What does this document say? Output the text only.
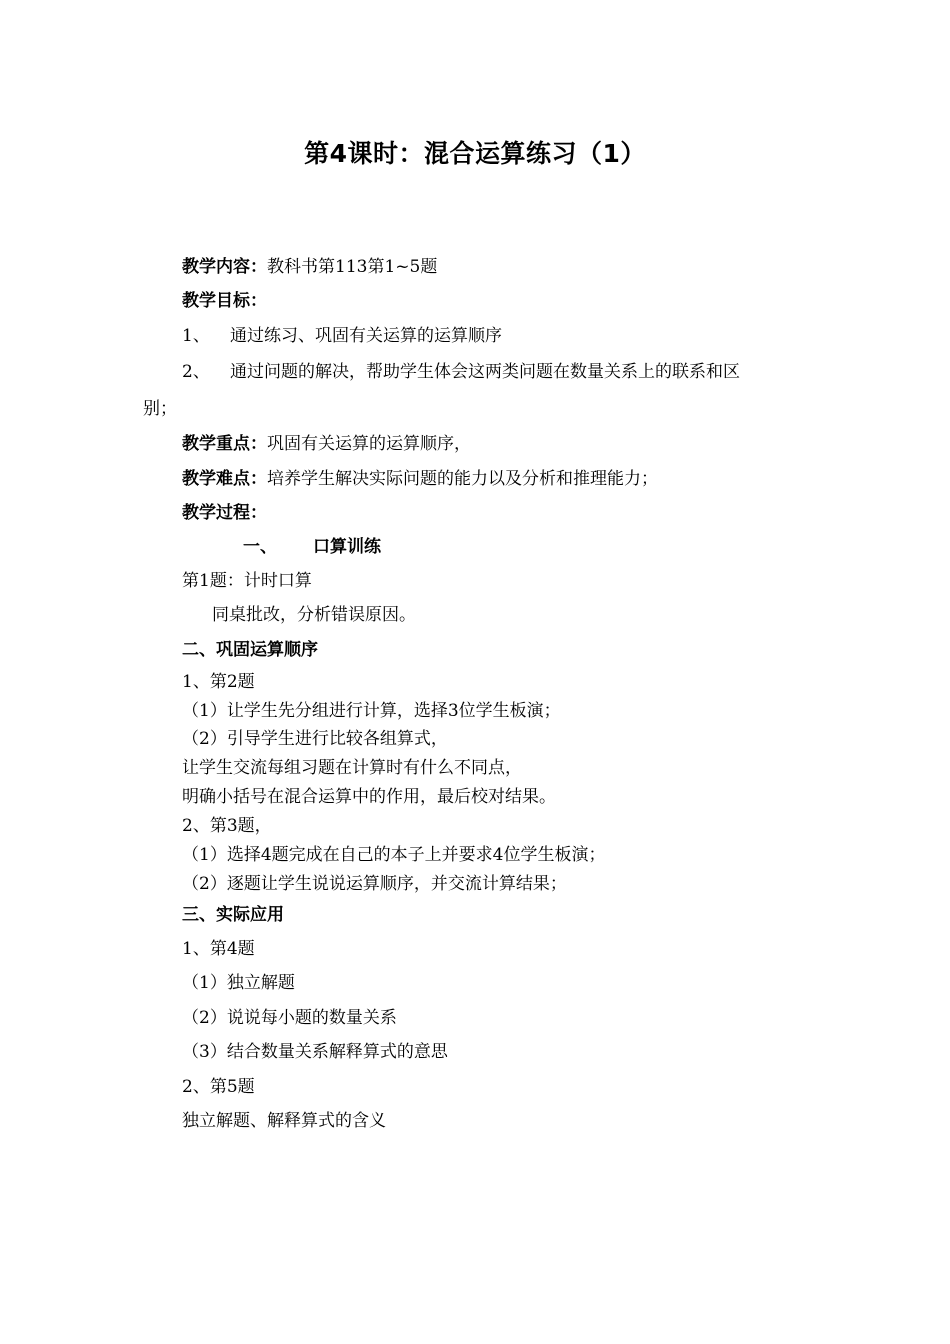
第4课时：混合运算练习（1）
教学内容：教科书第113第1~5题
教学目标：
1、 通过练习、巩固有关运算的运算顺序
2、 通过问题的解决，帮助学生体会这两类问题在数量关系上的联系和区
别；
教学重点：巩固有关运算的运算顺序，
教学难点：培养学生解决实际问题的能力以及分析和推理能力；
教学过程：
一、 口算训练
第1题：计时口算
同桌批改，分析错误原因。
二、巩固运算顺序
1、第2题
（1）让学生先分组进行计算，选择3位学生板演；
（2）引导学生进行比较各组算式，
让学生交流每组习题在计算时有什么不同点，
明确小括号在混合运算中的作用，最后校对结果。
2、第3题，
（1）选择4题完成在自己的本子上并要求4位学生板演；
（2）逐题让学生说说运算顺序，并交流计算结果；
三、实际应用
1、第4题
（1）独立解题
（2）说说每小题的数量关系
（3）结合数量关系解释算式的意思
2、第5题
独立解题、解释算式的含义
